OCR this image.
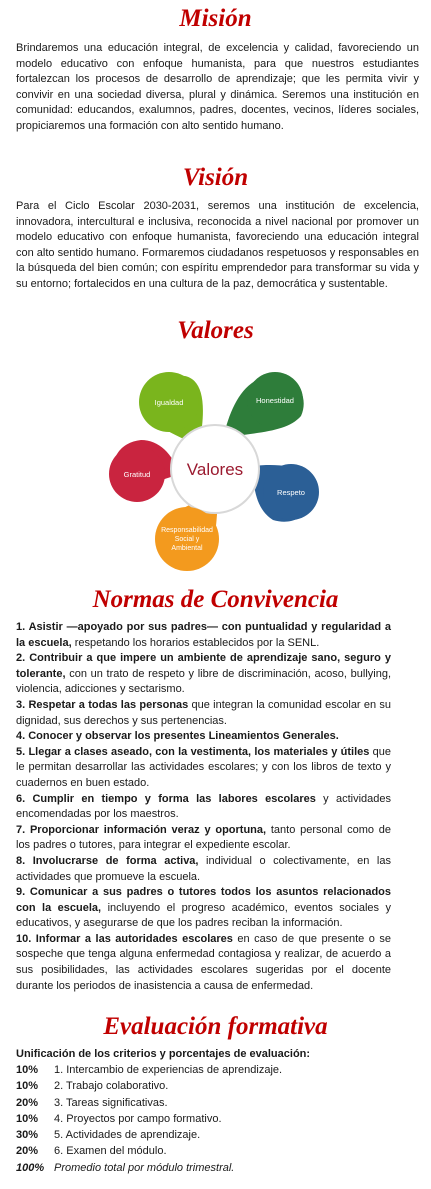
Misión

Brindaremos una educación integral, de excelencia y calidad, favoreciendo un modelo educativo con enfoque humanista, para que nuestros estudiantes fortalezcan los procesos de desarrollo de aprendizaje; que les permita vivir y convivir en una sociedad diversa, plural y dinámica. Seremos una institución en comunidad: educandos, exalumnos, padres, docentes, vecinos, líderes sociales, propiciaremos una formación con alto sentido humano.

Visión

Para el Ciclo Escolar 2030-2031, seremos una institución de excelencia, innovadora, intercultural e inclusiva, reconocida a nivel nacional por promover un modelo educativo con enfoque humanista, favoreciendo una educación integral con alto sentido humano. Formaremos ciudadanos respetuosos y responsables en la búsqueda del bien común; con espíritu emprendedor para transformar su vida y su entorno; fortalecidos en una cultura de la paz, democrática y sustentable.

Valores
Igualdad	Honestidad
Respeto
Gratitud
Responsabilidad
Social y
Ambiental
Valores
Normas de Convivencia

1. Asistir —apoyado por sus padres— con puntualidad y regularidad a la escuela, respetando los horarios establecidos por la SENL.

2. Contribuir a que impere un ambiente de aprendizaje sano, seguro y tolerante, con un trato de respeto y libre de discriminación, acoso, bullying, violencia, adicciones y sectarismo.

3. Respetar a todas las personas que integran la comunidad escolar en su dignidad, sus derechos y sus pertenencias.

4. Conocer y observar los presentes Lineamientos Generales.

5. Llegar a clases aseado, con la vestimenta, los materiales y útiles que le permitan desarrollar las actividades escolares; y con los libros de texto y cuadernos en buen estado.

6. Cumplir en tiempo y forma las labores escolares y actividades encomendadas por los maestros.

7. Proporcionar información veraz y oportuna, tanto personal como de los padres o tutores, para integrar el expediente escolar.

8. Involucrarse de forma activa, individual o colectivamente, en las actividades que promueve la escuela.

9. Comunicar a sus padres o tutores todos los asuntos relacionados con la escuela, incluyendo el progreso académico, eventos sociales y educativos, y asegurarse de que los padres reciban la información.

10. Informar a las autoridades escolares en caso de que presente o se sospeche que tenga alguna enfermedad contagiosa y realizar, de acuerdo a sus posibilidades, las actividades escolares sugeridas por el docente durante los periodos de inasistencia a causa de enfermedad.

Evaluación formativa
Unificación de los criterios y porcentajes de evaluación:
10%	1. Intercambio de experiencias de aprendizaje.
10%	2. Trabajo colaborativo.
20%	3. Tareas significativas.
10%	4. Proyectos por campo formativo.
30%	5. Actividades de aprendizaje.
20%	6. Examen del módulo.
100% Promedio total por módulo trimestral.
